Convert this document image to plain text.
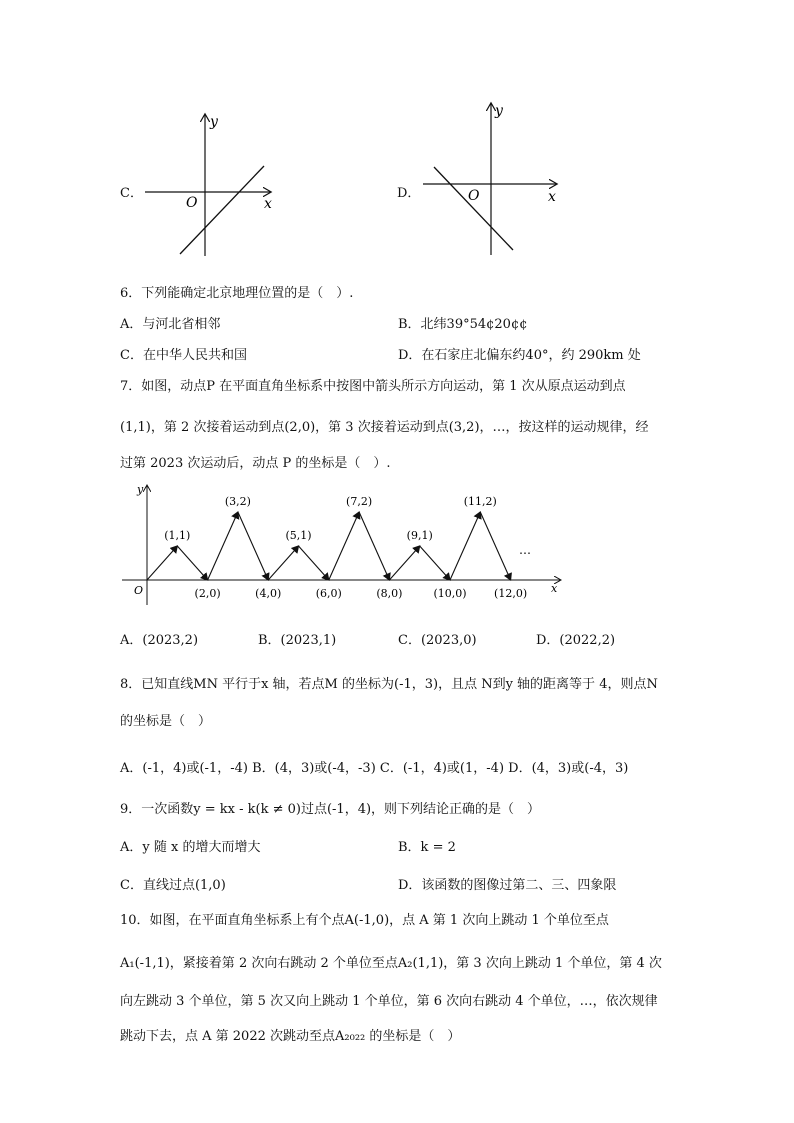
C．
y
x
O
D．
y
x
O
6．下列能确定北京地理位置的是（　）.
A．与河北省相邻	B．北纬39°54¢20¢¢
C．在中华人民共和国	D．在石家庄北偏东约40°，约 290km 处
7．如图，动点P 在平面直角坐标系中按图中箭头所示方向运动，第 1 次从原点运动到点
(1,1)，第 2 次接着运动到点(2,0)，第 3 次接着运动到点(3,2)，…，按这样的运动规律，经
过第 2023 次运动后，动点 P 的坐标是（　）.
y
x
O
…
(1,1)
(3,2)
(5,1)
(7,2)
(9,1)
(11,2)
(2,0)	(4,0)	(6,0)	(8,0)	(10,0)	(12,0)
A．(2023,2)	B．(2023,1)	C．(2023,0)	D．(2022,2)
8．已知直线MN 平行于x 轴，若点M 的坐标为(-1，3)，且点 N到y 轴的距离等于 4，则点N
的坐标是（　）
A．(-1，4)或(-1，-4) B．(4，3)或(-4，-3) C．(-1，4)或(1，-4) D．(4，3)或(-4，3)
9．一次函数y = kx - k(k ≠ 0)过点(-1，4)，则下列结论正确的是（　）
A．y 随 x 的增大而增大	B．k = 2
C．直线过点(1,0)	D．该函数的图像过第二、三、四象限
10．如图，在平面直角坐标系上有个点A(-1,0)，点 A 第 1 次向上跳动 1 个单位至点
A₁(-1,1)，紧接着第 2 次向右跳动 2 个单位至点A₂(1,1)，第 3 次向上跳动 1 个单位，第 4 次
向左跳动 3 个单位，第 5 次又向上跳动 1 个单位，第 6 次向右跳动 4 个单位，…，依次规律
跳动下去，点 A 第 2022 次跳动至点A₂₀₂₂ 的坐标是（　）
